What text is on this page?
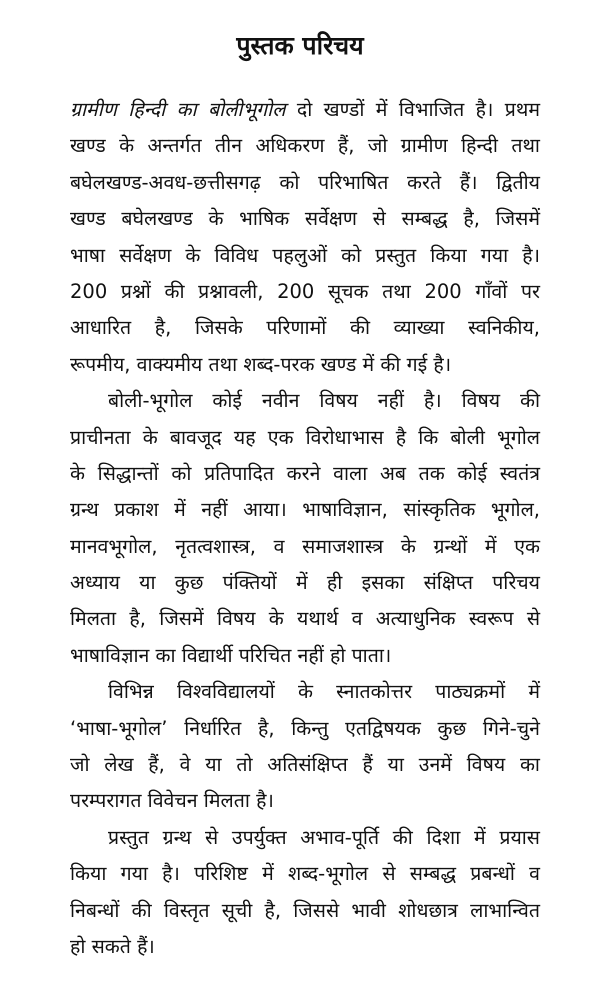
पुस्तक परिचय
ग्रामीण हिन्दी का बोलीभूगोल दो खण्डों में विभाजित है। प्रथम
खण्ड के अन्तर्गत तीन अधिकरण हैं, जो ग्रामीण हिन्दी तथा
बघेलखण्ड-अवध-छत्तीसगढ़ को परिभाषित करते हैं। द्वितीय
खण्ड बघेलखण्ड के भाषिक सर्वेक्षण से सम्बद्ध है, जिसमें
भाषा सर्वेक्षण के विविध पहलुओं को प्रस्तुत किया गया है।
200 प्रश्नों की प्रश्नावली, 200 सूचक तथा 200 गाँवों पर
आधारित है, जिसके परिणामों की व्याख्या स्वनिकीय,
रूपमीय, वाक्यमीय तथा शब्द-परक खण्ड में की गई है।
बोली-भूगोल कोई नवीन विषय नहीं है। विषय की
प्राचीनता के बावजूद यह एक विरोधाभास है कि बोली भूगोल
के सिद्धान्तों को प्रतिपादित करने वाला अब तक कोई स्वतंत्र
ग्रन्थ प्रकाश में नहीं आया। भाषाविज्ञान, सांस्कृतिक भूगोल,
मानवभूगोल, नृतत्वशास्त्र, व समाजशास्त्र के ग्रन्थों में एक
अध्याय या कुछ पंक्तियों में ही इसका संक्षिप्त परिचय
मिलता है, जिसमें विषय के यथार्थ व अत्याधुनिक स्वरूप से
भाषाविज्ञान का विद्यार्थी परिचित नहीं हो पाता।
विभिन्न विश्वविद्यालयों के स्नातकोत्तर पाठ्यक्रमों में
‘भाषा-भूगोल’ निर्धारित है, किन्तु एतद्विषयक कुछ गिने-चुने
जो लेख हैं, वे या तो अतिसंक्षिप्त हैं या उनमें विषय का
परम्परागत विवेचन मिलता है।
प्रस्तुत ग्रन्थ से उपर्युक्त अभाव-पूर्ति की दिशा में प्रयास
किया गया है। परिशिष्ट में शब्द-भूगोल से सम्बद्ध प्रबन्धों व
निबन्धों की विस्तृत सूची है, जिससे भावी शोधछात्र लाभान्वित
हो सकते हैं।
